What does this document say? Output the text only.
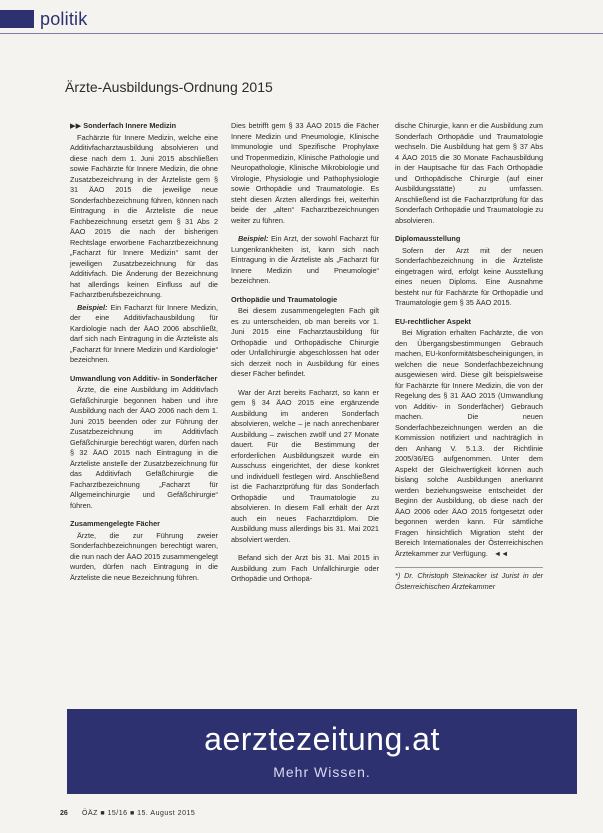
politik
Ärzte-Ausbildungs-Ordnung 2015
▶▶ Sonderfach Innere Medizin

Fachärzte für Innere Medizin, welche eine Additivfacharztausbildung absolvieren und diese nach dem 1. Juni 2015 abschließen sowie Fachärzte für Innere Medizin, die ohne Zusatzbezeichnung in der Ärzteliste gem § 31 ÄAO 2015 die jeweilige neue Sonderfachbezeichnung führen, können nach Eintragung in die Ärzteliste die neue Fachbezeichnung ersetzt gem § 31 Abs 2 ÄAO 2015 die nach der bisherigen Rechtslage erworbene Facharztbezeichnung „Facharzt für Innere Medizin“ samt der jeweiligen Zusatzbezeichnung für das Additivfach. Die Änderung der Bezeichnung hat allerdings keinen Einfluss auf die Facharztberufsbezeichnung.

Beispiel: Ein Facharzt für Innere Medizin, der eine Additivfachausbildung für Kardiologie nach der ÄAO 2006 abschließt, darf sich nach Eintragung in die Ärzteliste als „Facharzt für Innere Medizin und Kardiologie“ bezeichnen.

Umwandlung von Additiv- in Sonderfächer

Ärzte, die eine Ausbildung im Additivfach Gefäßchirurgie begonnen haben und ihre Ausbildung nach der ÄAO 2006 nach dem 1. Juni 2015 beenden oder zur Führung der Zusatzbezeichnung im Additivfach Gefäßchirurgie berechtigt waren, dürfen nach § 32 ÄAO 2015 nach Eintragung in die Ärzteliste anstelle der Zusatzbezeichnung für das Additivfach Gefäßchirurgie die Facharztbezeichnung „Facharzt für Allgemeinchirurgie und Gefäßchirurgie“ führen.

Zusammengelegte Fächer

Ärzte, die zur Führung zweier Sonderfachbezeichnungen berechtigt waren, die nun nach der ÄAO 2015 zusammengelegt wurden, dürfen nach Eintragung in die Ärzteliste die neue Bezeichnung führen.

Dies betrifft gem § 33 ÄAO 2015 die Fächer Innere Medizin und Pneumologie, Klinische Immunologie und Spezifische Prophylaxe und Tropenmedizin, Klinische Pathologie und Neuropathologie, Klinische Mikrobiologie und Virologie, Physiologie und Pathophysiologie sowie Orthopädie und Traumatologie. Es steht diesen Ärzten allerdings frei, weiterhin beide der „alten“ Facharztbezeichnungen weiter zu führen.

Beispiel: Ein Arzt, der sowohl Facharzt für Lungenkrankheiten ist, kann sich nach Eintragung in die Ärzteliste als „Facharzt für Innere Medizin und Pneumologie“ bezeichnen.

Orthopädie und Traumatologie

Bei diesem zusammengelegten Fach gilt es zu unterscheiden, ob man bereits vor 1. Juni 2015 eine Facharztausbildung für Orthopädie und Orthopädische Chirurgie oder Unfallchirurgie abgeschlossen hat oder sich derzeit noch in Ausbildung für eines dieser Fächer befindet.

War der Arzt bereits Facharzt, so kann er gem § 34 ÄAO 2015 eine ergänzende Ausbildung im anderen Sonderfach absolvieren, welche – je nach anrechenbarer Ausbildung – zwischen zwölf und 27 Monate dauert. Für die Bestimmung der erforderlichen Ausbildungszeit wurde ein Ausschuss eingerichtet, der diese konkret und individuell festlegen wird. Anschließend ist die Facharztprüfung für das Sonderfach Orthopädie und Traumatologie zu absolvieren. In diesem Fall erhält der Arzt auch ein neues Facharztdiplom. Die Ausbildung muss allerdings bis 31. Mai 2021 absolviert werden.

Befand sich der Arzt bis 31. Mai 2015 in Ausbildung zum Fach Unfallchirurgie oder Orthopädie und Orthopä-

dische Chirurgie, kann er die Ausbildung zum Sonderfach Orthopädie und Traumatologie wechseln. Die Ausbildung hat gem § 37 Abs 4 ÄAO 2015 die 30 Monate Fachausbildung in der Hauptsache für das Fach Orthopädie und Orthopädische Chirurgie (auf einer Ausbildungsstätte) zu umfassen. Anschließend ist die Facharztprüfung für das Sonderfach Orthopädie und Traumatologie zu absolvieren.

Diplomausstellung

Sofern der Arzt mit der neuen Sonderfachbezeichnung in die Ärzteliste eingetragen wird, erfolgt keine Ausstellung eines neuen Diploms. Eine Ausnahme besteht nur für Fachärzte für Orthopädie und Traumatologie gem § 35 ÄAO 2015.

EU-rechtlicher Aspekt

Bei Migration erhalten Fachärzte, die von den Übergangsbestimmungen Gebrauch machen, EU-konformitätsbescheinigungen, in welchen die neue Sonderfachbezeichnung ausgewiesen wird. Diese gilt beispielsweise für Fachärzte für Innere Medizin, die von der Regelung des § 31 ÄAO 2015 (Umwandlung von Additiv- in Sonderfächer) Gebrauch machen. Die neuen Sonderfachbezeichnungen werden an die Kommission notifiziert und nachträglich in den Anhang V. 5.1.3. der Richtlinie 2005/36/EG aufgenommen. Unter dem Aspekt der Gleichwertigkeit können auch bislang solche Ausbildungen anerkannt werden beziehungsweise entscheidet der Beginn der Ausbildung, ob diese nach der ÄAO 2006 oder ÄAO 2015 fortgesetzt oder begonnen werden kann. Für sämtliche Fragen hinsichtlich Migration steht der Bereich Internationales der Österreichischen Ärztekammer zur Verfügung. ◄◄

*) Dr. Christoph Steinacker ist Jurist in der Österreichischen Ärztekammer

aerztezeitung.at
Mehr Wissen.
26 ÖÄZ ■ 15/16 ■ 15. August 2015
